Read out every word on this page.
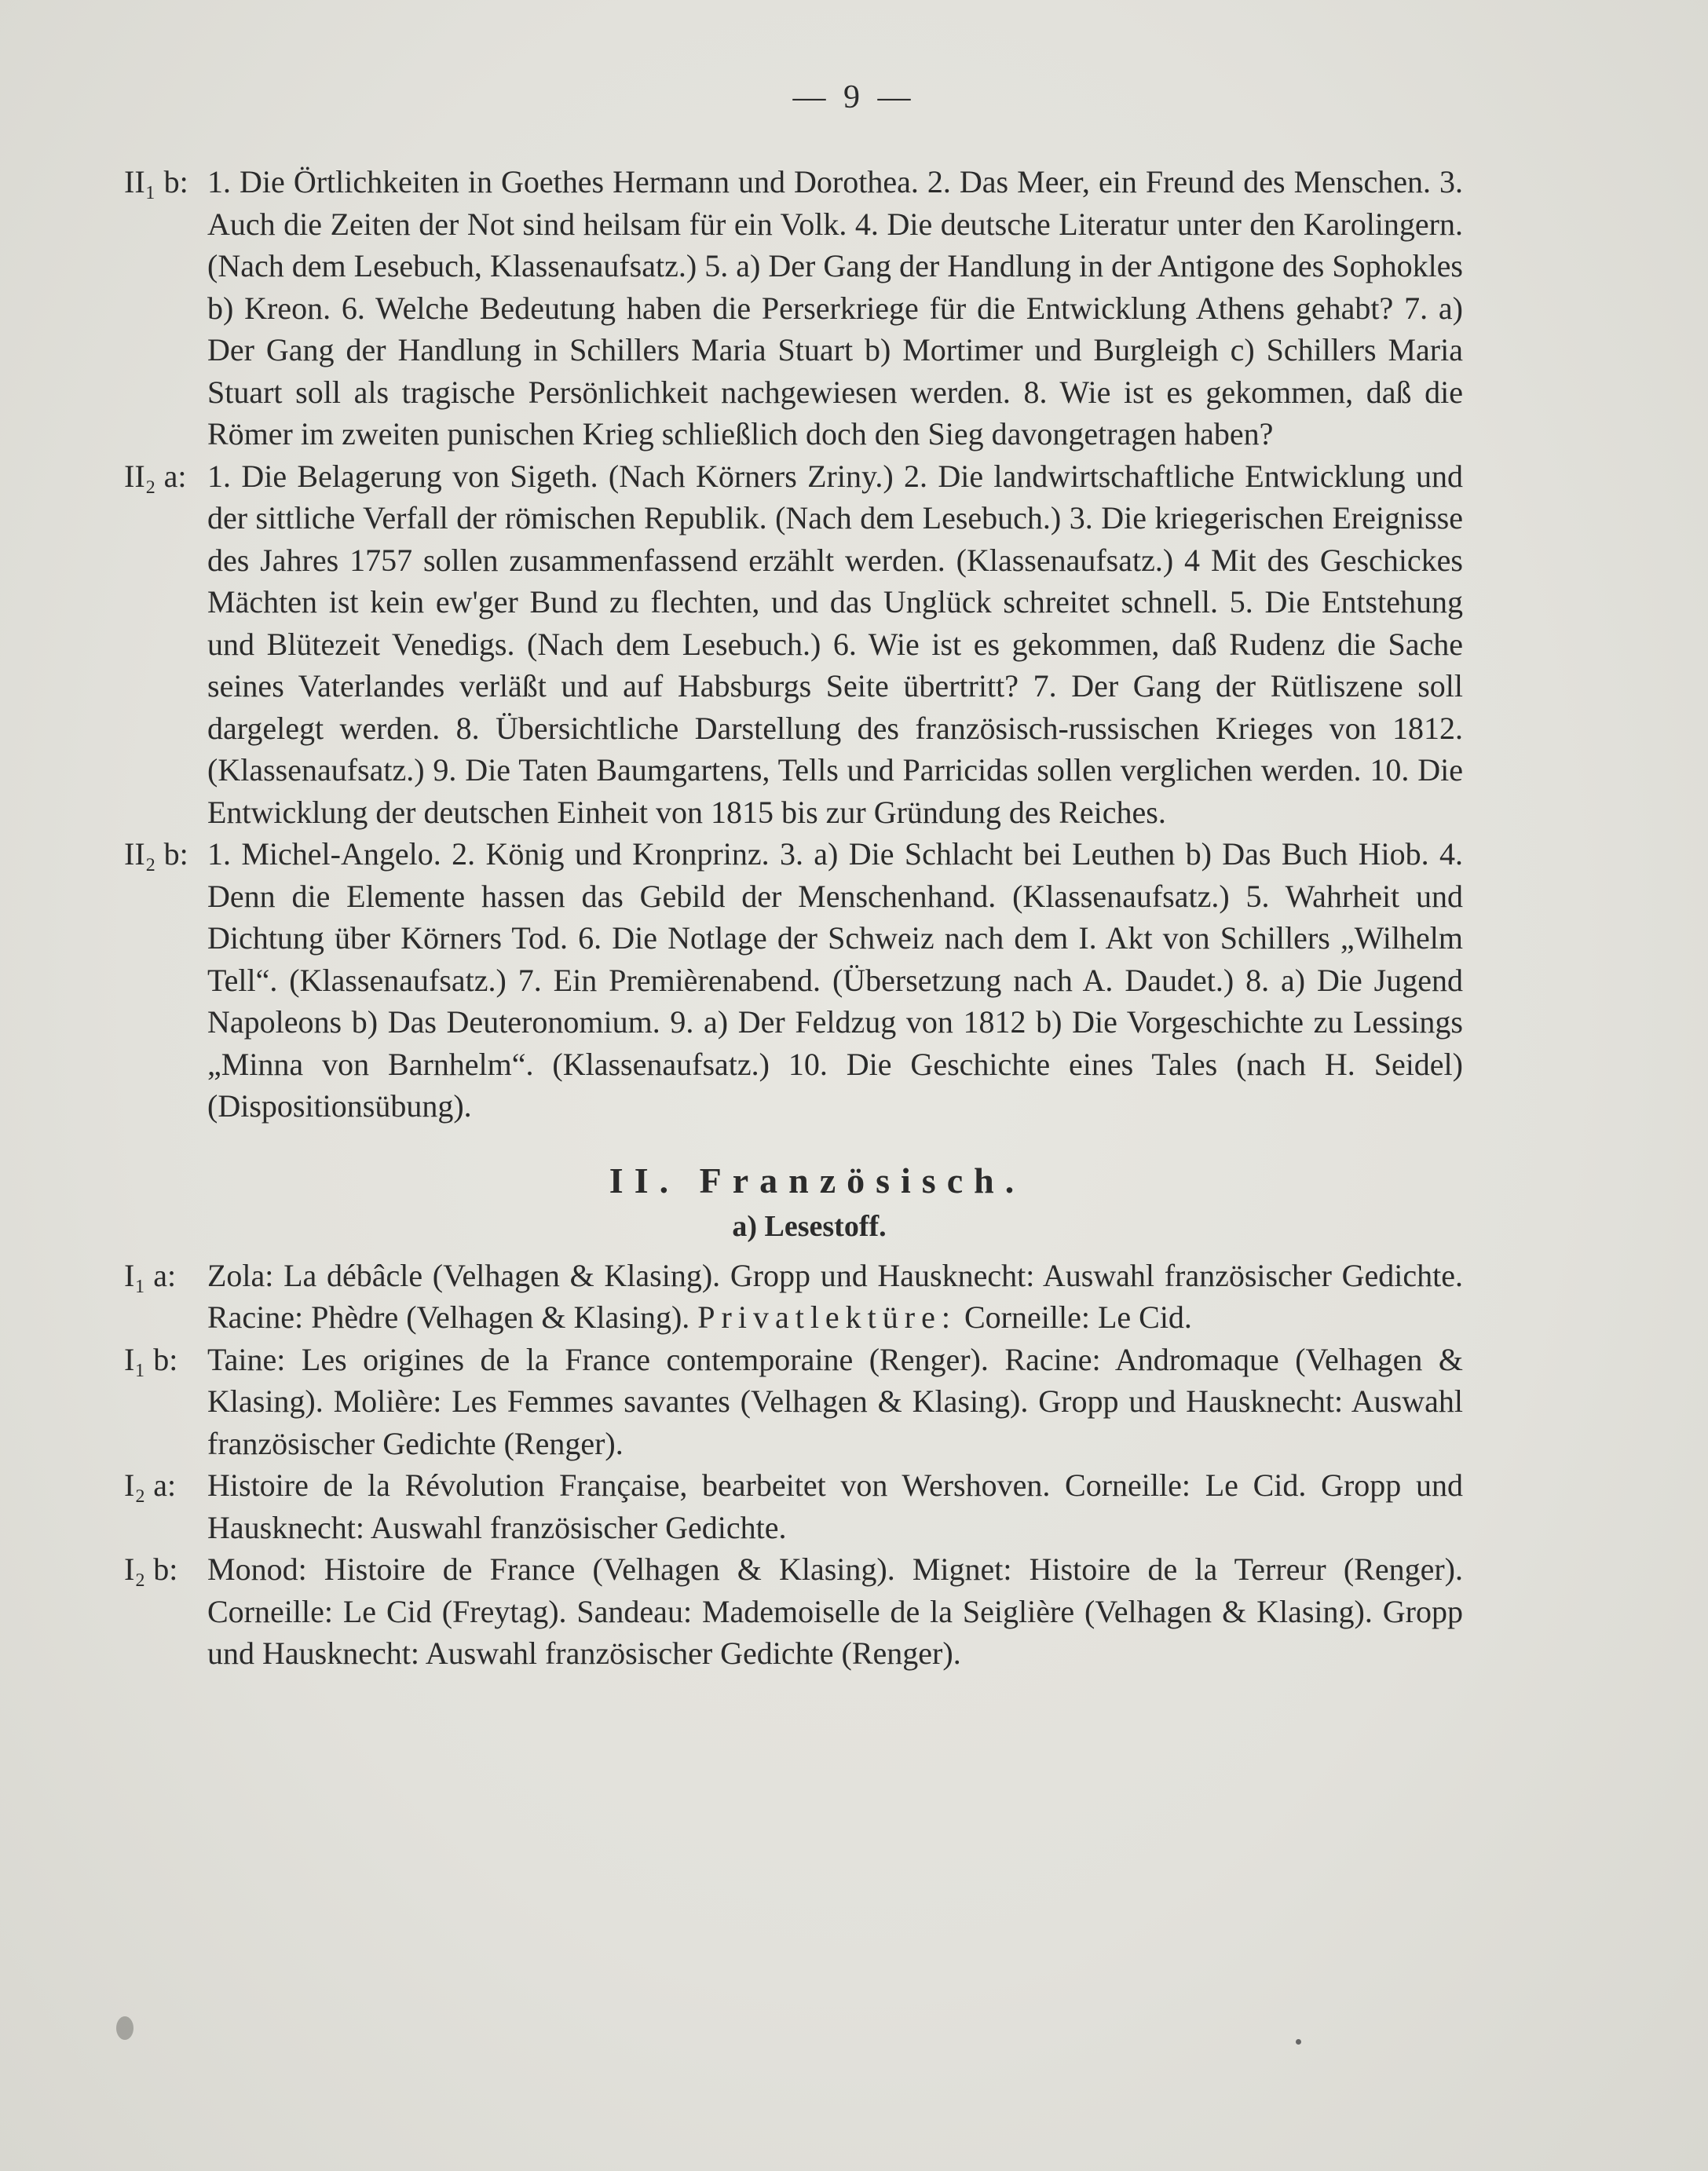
— 9 —
II₁ b: 1. Die Örtlichkeiten in Goethes Hermann und Dorothea. 2. Das Meer, ein Freund des Menschen. 3. Auch die Zeiten der Not sind heilsam für ein Volk. 4. Die deutsche Literatur unter den Karolingern. (Nach dem Lesebuch, Klassenaufsatz.) 5. a) Der Gang der Handlung in der Antigone des Sophokles b) Kreon. 6. Welche Bedeutung haben die Perserkriege für die Entwicklung Athens gehabt? 7. a) Der Gang der Handlung in Schillers Maria Stuart b) Mortimer und Burgleigh c) Schillers Maria Stuart soll als tragische Persönlichkeit nachgewiesen werden. 8. Wie ist es gekommen, daß die Römer im zweiten punischen Krieg schließlich doch den Sieg davongetragen haben?

II₂ a: 1. Die Belagerung von Sigeth. (Nach Körners Zriny.) 2. Die landwirtschaftliche Entwicklung und der sittliche Verfall der römischen Republik. (Nach dem Lesebuch.) 3. Die kriegerischen Ereignisse des Jahres 1757 sollen zusammenfassend erzählt werden. (Klassenaufsatz.) 4 Mit des Geschickes Mächten ist kein ew'ger Bund zu flechten, und das Unglück schreitet schnell. 5. Die Entstehung und Blütezeit Venedigs. (Nach dem Lesebuch.) 6. Wie ist es gekommen, daß Rudenz die Sache seines Vaterlandes verläßt und auf Habsburgs Seite übertritt? 7. Der Gang der Rütliszene soll dargelegt werden. 8. Übersichtliche Darstellung des französisch-russischen Krieges von 1812. (Klassenaufsatz.) 9. Die Taten Baumgartens, Tells und Parricidas sollen verglichen werden. 10. Die Entwicklung der deutschen Einheit von 1815 bis zur Gründung des Reiches.

II₂ b: 1. Michel-Angelo. 2. König und Kronprinz. 3. a) Die Schlacht bei Leuthen b) Das Buch Hiob. 4. Denn die Elemente hassen das Gebild der Menschenhand. (Klassenaufsatz.) 5. Wahrheit und Dichtung über Körners Tod. 6. Die Notlage der Schweiz nach dem I. Akt von Schillers „Wilhelm Tell“. (Klassenaufsatz.) 7. Ein Premièrenabend. (Übersetzung nach A. Daudet.) 8. a) Die Jugend Napoleons b) Das Deuteronomium. 9. a) Der Feldzug von 1812 b) Die Vorgeschichte zu Lessings „Minna von Barnhelm“. (Klassenaufsatz.) 10. Die Geschichte eines Tales (nach H. Seidel) (Dispositionsübung).

II. Französisch.
a) Lesestoff.
I₁ a: Zola: La débâcle (Velhagen & Klasing). Gropp und Hausknecht: Auswahl französischer Gedichte. Racine: Phèdre (Velhagen & Klasing). Privatlektüre: Corneille: Le Cid.

I₁ b: Taine: Les origines de la France contemporaine (Renger). Racine: Andromaque (Velhagen & Klasing). Molière: Les Femmes savantes (Velhagen & Klasing). Gropp und Hausknecht: Auswahl französischer Gedichte (Renger).

I₂ a: Histoire de la Révolution Française, bearbeitet von Wershoven. Corneille: Le Cid. Gropp und Hausknecht: Auswahl französischer Gedichte.

I₂ b: Monod: Histoire de France (Velhagen & Klasing). Mignet: Histoire de la Terreur (Renger). Corneille: Le Cid (Freytag). Sandeau: Mademoiselle de la Seiglière (Velhagen & Klasing). Gropp und Hausknecht: Auswahl französischer Gedichte (Renger).
